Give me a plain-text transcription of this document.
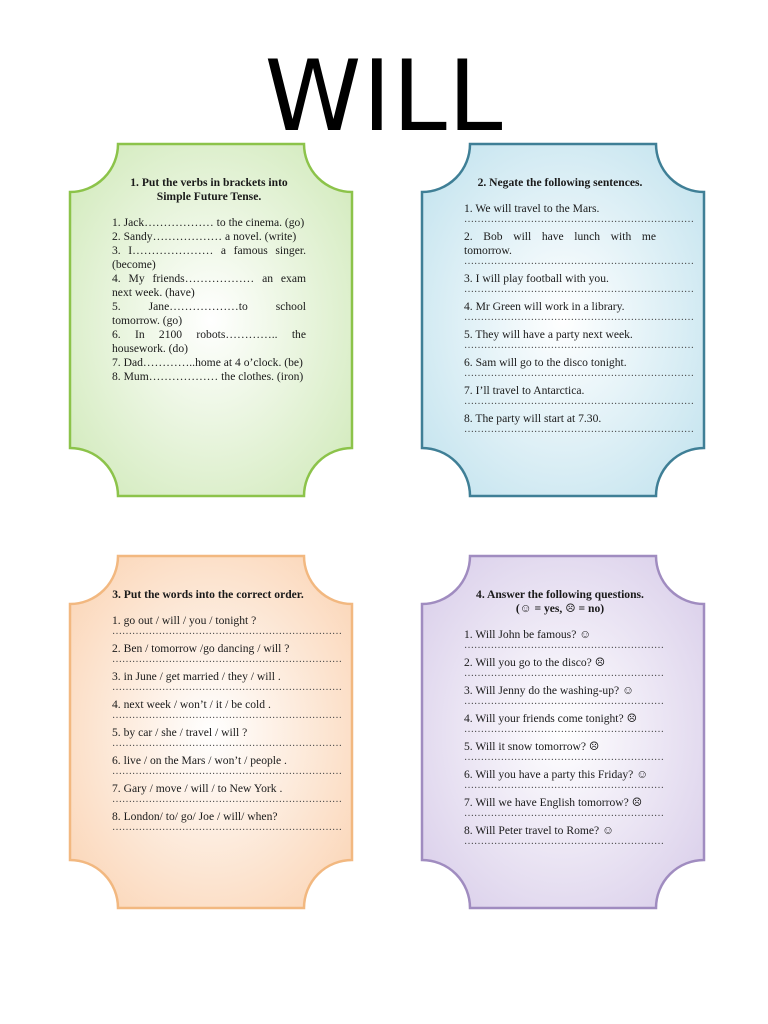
WILL
1. Put the verbs in brackets into Simple Future Tense.
1. Jack……………… to the cinema. (go)
2. Sandy……………… a novel. (write)
3. I………………… a famous singer. (become)
4. My friends……………… an exam next week. (have)
5. Jane………………to school tomorrow. (go)
6. In 2100 robots………….. the housework. (do)
7. Dad…………..home at 4 o’clock. (be)
8. Mum……………… the clothes. (iron)
2. Negate the following sentences.
1. We will travel to the Mars.
……………………………………………………………
2. Bob will have lunch with me tomorrow.
……………………………………………………………
3. I will play football with you.
……………………………………………………………
4. Mr Green will work in a library.
……………………………………………………………
5. They will have a party next week.
……………………………………………………………
6. Sam will go to the disco tonight.
……………………………………………………………
7. I’ll travel to Antarctica.
……………………………………………………………
8. The party will start at 7.30.
……………………………………………………………
3. Put the words into the correct order.
1. go out / will / you / tonight ?
……………………………………………………………
2. Ben / tomorrow /go dancing / will ?
……………………………………………………………
3. in June / get married / they / will .
……………………………………………………………
4. next week / won’t / it / be cold .
……………………………………………………………
5. by car / she / travel / will ?
……………………………………………………………
6. live / on the Mars / won’t / people .
……………………………………………………………
7. Gary / move / will / to New York .
……………………………………………………………
8. London/ to/ go/ Joe / will/ when?
……………………………………………………………
4. Answer the following questions.
(☺ = yes, ☹ = no)
1. Will John be famous? ☺
……………………………………………………
2. Will you go to the disco? ☹
……………………………………………………
3. Will Jenny do the washing-up? ☺
……………………………………………………
4. Will your friends come tonight? ☹
……………………………………………………
5. Will it snow tomorrow? ☹
……………………………………………………
6. Will you have a party this Friday? ☺
……………………………………………………
7. Will we have English tomorrow? ☹
……………………………………………………
8. Will Peter travel to Rome? ☺
……………………………………………………
